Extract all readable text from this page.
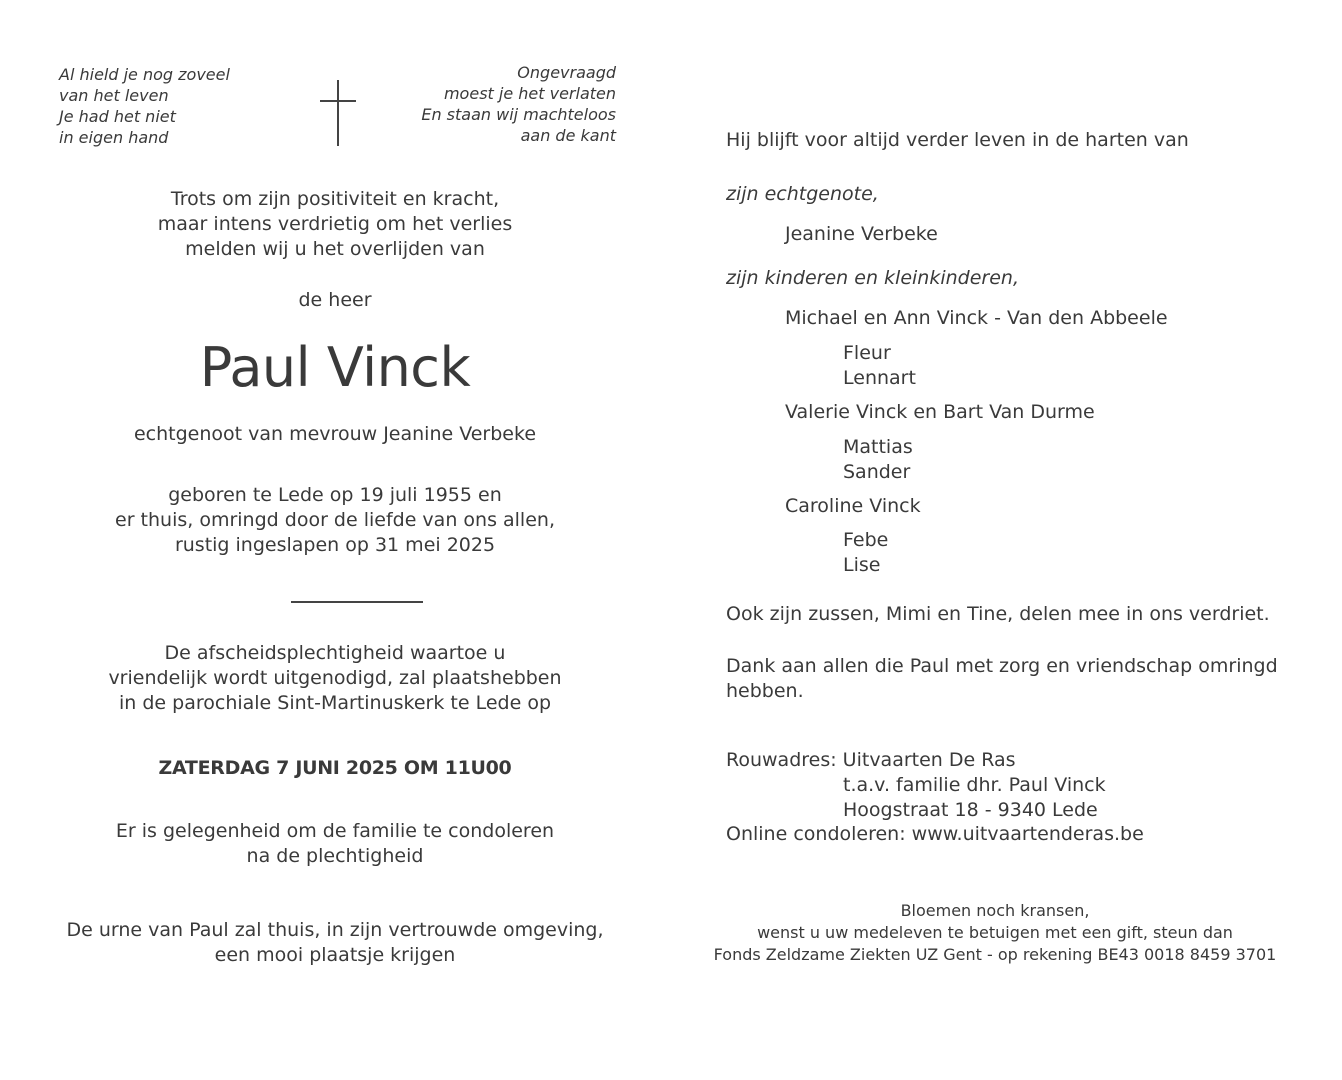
Al hield je nog zoveel
van het leven
Je had het niet
in eigen hand
Ongevraagd
moest je het verlaten
En staan wij machteloos
aan de kant
Trots om zijn positiviteit en kracht,
maar intens verdrietig om het verlies
melden wij u het overlijden van
de heer
Paul Vinck
echtgenoot van mevrouw Jeanine Verbeke
geboren te Lede op 19 juli 1955 en
er thuis, omringd door de liefde van ons allen,
rustig ingeslapen op 31 mei 2025
De afscheidsplechtigheid waartoe u
vriendelijk wordt uitgenodigd, zal plaatshebben
in de parochiale Sint-Martinuskerk te Lede op
ZATERDAG 7 JUNI 2025 OM 11U00
Er is gelegenheid om de familie te condoleren
na de plechtigheid
De urne van Paul zal thuis, in zijn vertrouwde omgeving,
een mooi plaatsje krijgen
Hij blijft voor altijd verder leven in de harten van
zijn echtgenote,
Jeanine Verbeke
zijn kinderen en kleinkinderen,
Michael en Ann Vinck - Van den Abbeele
Fleur
Lennart
Valerie Vinck en Bart Van Durme
Mattias
Sander
Caroline Vinck
Febe
Lise
Ook zijn zussen, Mimi en Tine, delen mee in ons verdriet.
Dank aan allen die Paul met zorg en vriendschap omringd
hebben.
Rouwadres: Uitvaarten De Ras
t.a.v. familie dhr. Paul Vinck
Hoogstraat 18 - 9340 Lede
Online condoleren: www.uitvaartenderas.be
Bloemen noch kransen,
wenst u uw medeleven te betuigen met een gift, steun dan
Fonds Zeldzame Ziekten UZ Gent - op rekening BE43 0018 8459 3701
